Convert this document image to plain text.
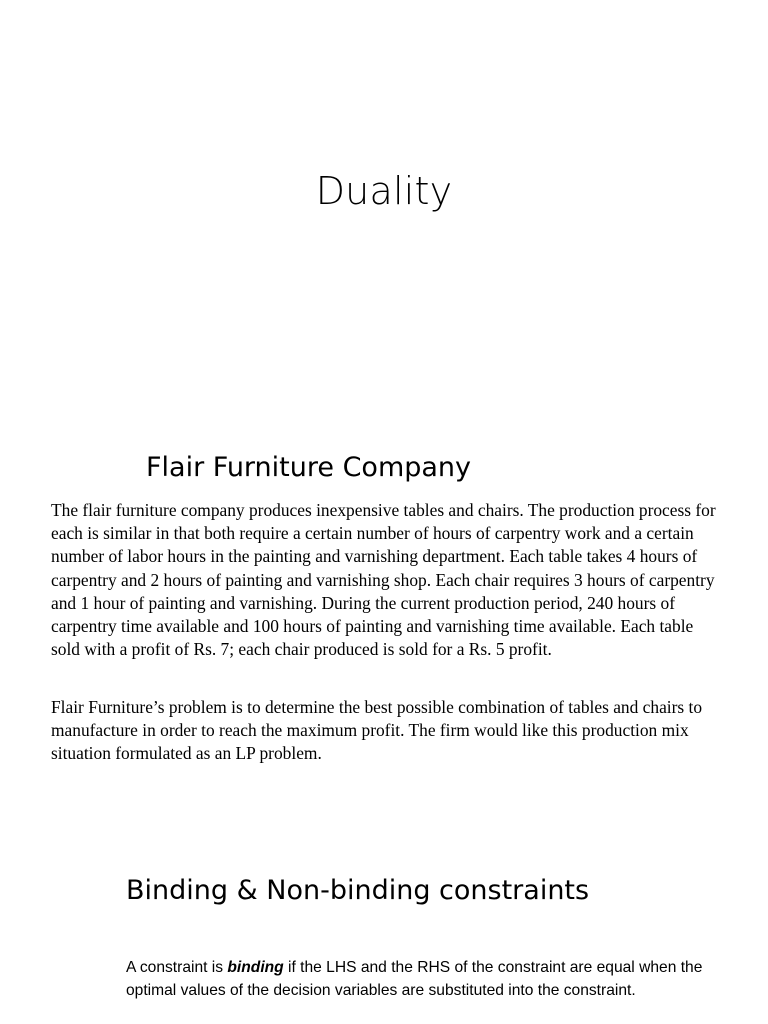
Duality
Flair Furniture Company

The flair furniture company produces inexpensive tables and chairs. The production process for each is similar in that both require a certain number of hours of carpentry work and a certain number of labor hours in the painting and varnishing department. Each table takes 4 hours of carpentry and 2 hours of painting and varnishing shop. Each chair requires 3 hours of carpentry and 1 hour of painting and varnishing. During the current production period, 240 hours of carpentry time available and 100 hours of painting and varnishing time available. Each table sold with a profit of Rs. 7; each chair produced is sold for a Rs. 5 profit.

Flair Furniture’s problem is to determine the best possible combination of tables and chairs to manufacture in order to reach the maximum profit. The firm would like this production mix situation formulated as an LP problem.

Binding & Non-binding constraints

A constraint is binding if the LHS and the RHS of the constraint are equal when the optimal values of the decision variables are substituted into the constraint.
